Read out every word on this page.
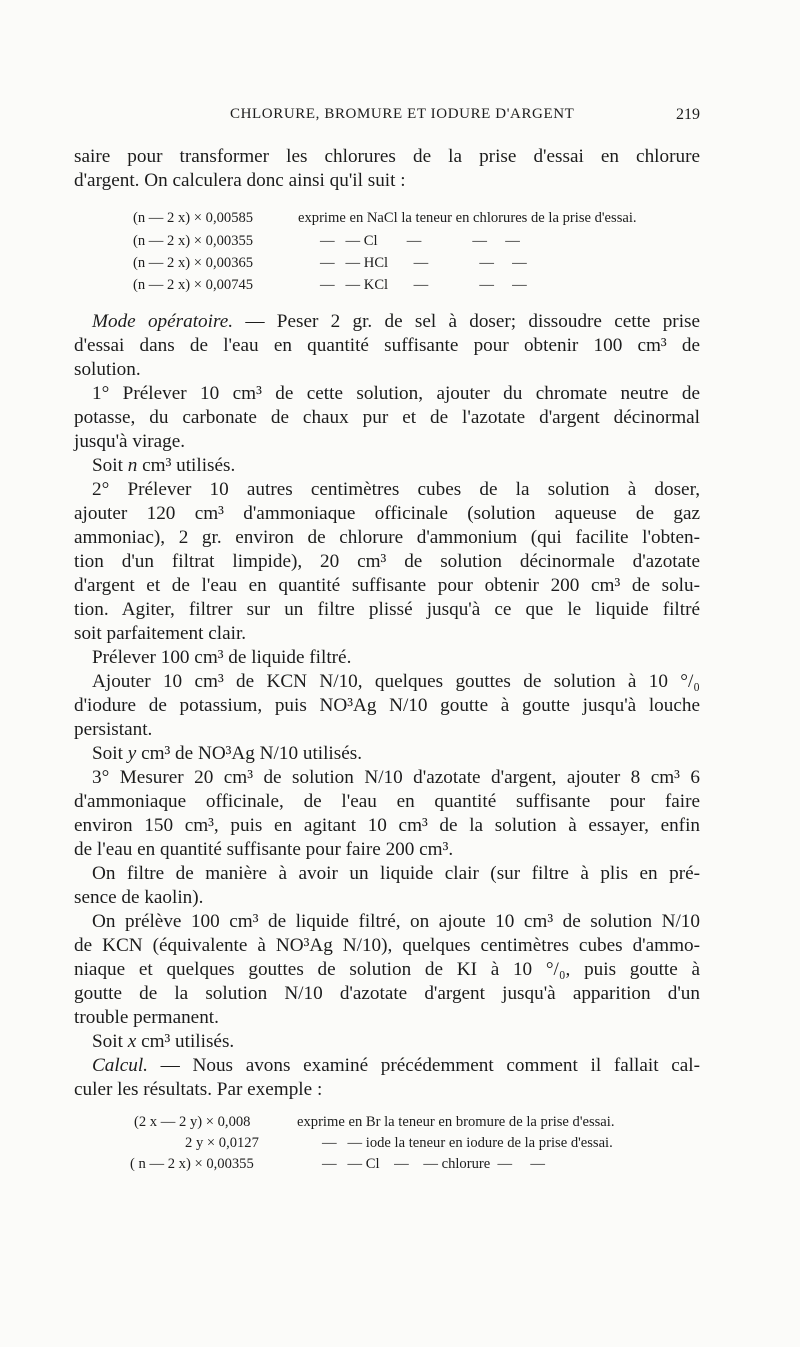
CHLORURE, BROMURE ET IODURE D'ARGENT	219
saire pour transformer les chlorures de la prise d'essai en chlorure
d'argent. On calculera donc ainsi qu'il suit :
(n — 2 x) × 0,00585	exprime en NaCl la teneur en chlorures de la prise d'essai.
(n — 2 x) × 0,00355	—   — Cl        —              —     —
(n — 2 x) × 0,00365	—   — HCl       —              —     —
(n — 2 x) × 0,00745	—   — KCl       —              —     —
Mode opératoire. — Peser 2 gr. de sel à doser; dissoudre cette prise
d'essai dans de l'eau en quantité suffisante pour obtenir 100 cm³ de
solution.
1° Prélever 10 cm³ de cette solution, ajouter du chromate neutre de
potasse, du carbonate de chaux pur et de l'azotate d'argent décinormal
jusqu'à virage.
Soit n cm³ utilisés.
2° Prélever 10 autres centimètres cubes de la solution à doser,
ajouter 120 cm³ d'ammoniaque officinale (solution aqueuse de gaz
ammoniac), 2 gr. environ de chlorure d'ammonium (qui facilite l'obten-
tion d'un filtrat limpide), 20 cm³ de solution décinormale d'azotate
d'argent et de l'eau en quantité suffisante pour obtenir 200 cm³ de solu-
tion. Agiter, filtrer sur un filtre plissé jusqu'à ce que le liquide filtré
soit parfaitement clair.
Prélever 100 cm³ de liquide filtré.
Ajouter 10 cm³ de KCN N/10, quelques gouttes de solution à 10 °/₀
d'iodure de potassium, puis NO³Ag N/10 goutte à goutte jusqu'à louche
persistant.
Soit y cm³ de NO³Ag N/10 utilisés.
3° Mesurer 20 cm³ de solution N/10 d'azotate d'argent, ajouter 8 cm³ 6
d'ammoniaque officinale, de l'eau en quantité suffisante pour faire
environ 150 cm³, puis en agitant 10 cm³ de la solution à essayer, enfin
de l'eau en quantité suffisante pour faire 200 cm³.
On filtre de manière à avoir un liquide clair (sur filtre à plis en pré-
sence de kaolin).
On prélève 100 cm³ de liquide filtré, on ajoute 10 cm³ de solution N/10
de KCN (équivalente à NO³Ag N/10), quelques centimètres cubes d'ammo-
niaque et quelques gouttes de solution de KI à 10 °/₀, puis goutte à
goutte de la solution N/10 d'azotate d'argent jusqu'à apparition d'un
trouble permanent.
Soit x cm³ utilisés.
Calcul. — Nous avons examiné précédemment comment il fallait cal-
culer les résultats. Par exemple :
(2 x — 2 y) × 0,008	exprime en Br la teneur en bromure de la prise d'essai.
2 y × 0,0127	—   — iode la teneur en iodure de la prise d'essai.
( n — 2 x) × 0,00355	—   — Cl    —    — chlorure  —     —
